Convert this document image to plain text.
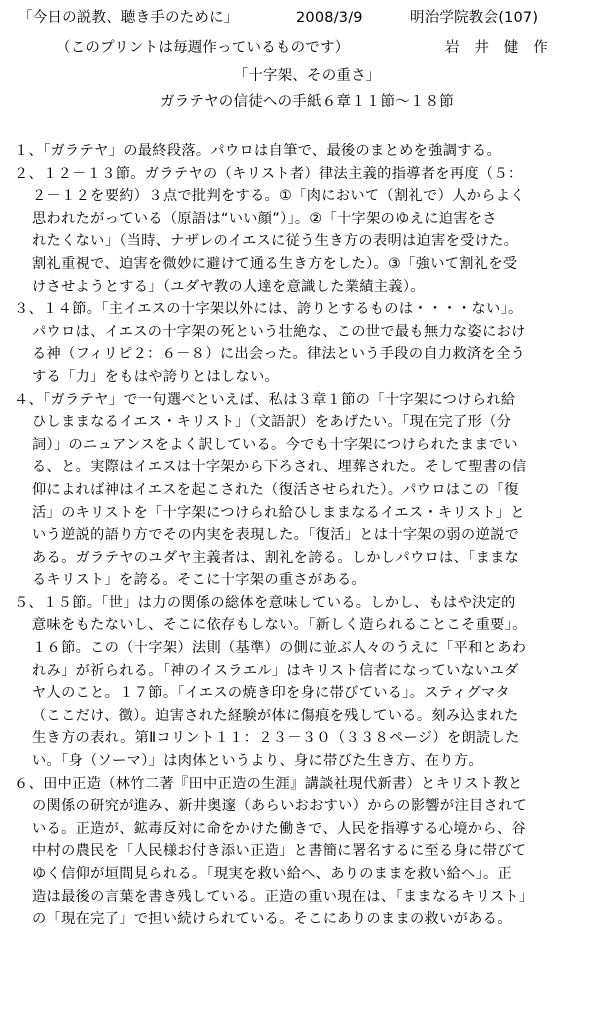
「今日の説教、聴き手のために」	2008/3/9	明治学院教会(107)
（このプリントは毎週作っているものです）	岩　井　健　作
「十字架、その重さ」
ガラテヤの信徒への手紙６章１１節～１８節
１、「ガラテヤ」の最終段落。パウロは自筆で、最後のまとめを強調する。
２、１２－１３節。ガラテヤの（キリスト者）律法主義的指導者を再度（５：
２－１２を要約）３点で批判をする。①「肉において（割礼で）人からよく
思われたがっている（原語は“いい顔”）」。②「十字架のゆえに迫害をさ
れたくない」（当時、ナザレのイエスに従う生き方の表明は迫害を受けた。
割礼重視で、迫害を微妙に避けて通る生き方をした）。③「強いて割礼を受
けさせようとする」（ユダヤ教の人達を意識した業績主義）。
３、１４節。「主イエスの十字架以外には、誇りとするものは・・・・ない」。
パウロは、イエスの十字架の死という壮絶な、この世で最も無力な姿におけ
る神（フィリピ２：６－８）に出会った。律法という手段の自力救済を全う
する「力」をもはや誇りとはしない。
４、「ガラテヤ」で一句選べといえば、私は３章１節の「十字架につけられ給
ひしままなるイエス・キリスト」（文語訳）をあげたい。「現在完了形（分
詞）」のニュアンスをよく訳している。今でも十字架につけられたままでい
る、と。実際はイエスは十字架から下ろされ、埋葬された。そして聖書の信
仰によれば神はイエスを起こされた（復活させられた）。パウロはこの「復
活」のキリストを「十字架につけられ給ひしままなるイエス・キリスト」と
いう逆説的語り方でその内実を表現した。「復活」とは十字架の弱の逆説で
ある。ガラテヤのユダヤ主義者は、割礼を誇る。しかしパウロは、「ままな
るキリスト」を誇る。そこに十字架の重さがある。
５、１５節。「世」は力の関係の総体を意味している。しかし、もはや決定的
意味をもたないし、そこに依存もしない。「新しく造られることこそ重要」。
１６節。この（十字架）法則（基準）の側に並ぶ人々のうえに「平和とあわ
れみ」が祈られる。「神のイスラエル」はキリスト信者になっていないユダ
ヤ人のこと。１７節。「イエスの焼き印を身に帯びている」。スティグマタ
（ここだけ、徴）。迫害された経験が体に傷痕を残している。刻み込まれた
生き方の表れ。第Ⅱコリント１１：２３－３０（３３８ページ）を朗読した
い。「身（ソーマ）」は肉体というより、身に帯びた生き方、在り方。
６、田中正造（林竹二著『田中正造の生涯』講談社現代新書）とキリスト教と
の関係の研究が進み、新井奥邃（あらいおおすい）からの影響が注目されて
いる。正造が、鉱毒反対に命をかけた働きで、人民を指導する心境から、谷
中村の農民を「人民様お付き添い正造」と書簡に署名するに至る身に帯びて
ゆく信仰が垣間見られる。「現実を救い給へ、ありのままを救い給へ」。正
造は最後の言葉を書き残している。正造の重い現在は、「ままなるキリスト」
の「現在完了」で担い続けられている。そこにありのままの救いがある。
